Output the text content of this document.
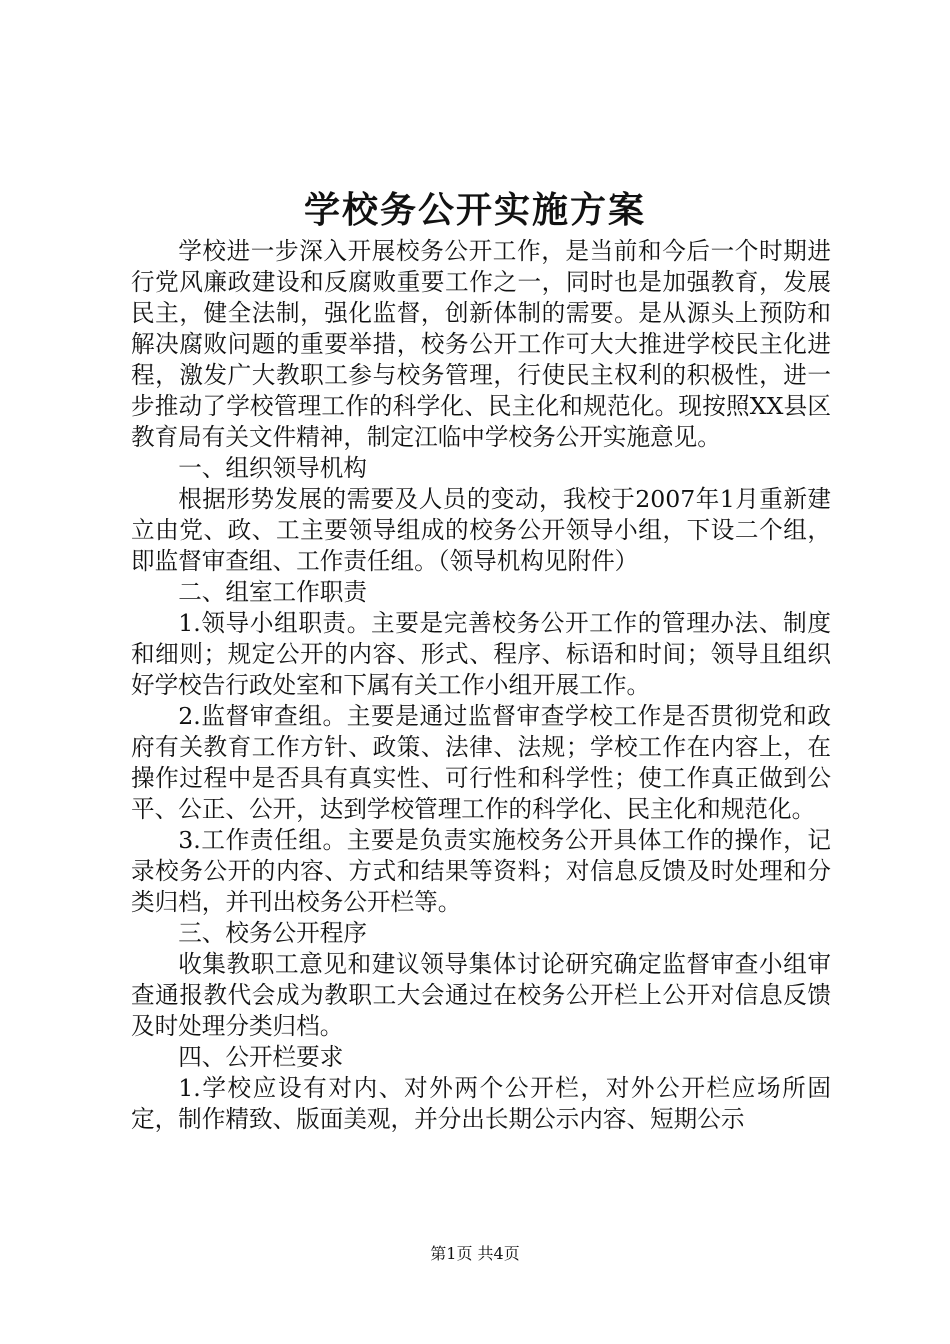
学校务公开实施方案

学校进一步深入开展校务公开工作，是当前和今后一个时期进行党风廉政建设和反腐败重要工作之一，同时也是加强教育，发展民主，健全法制，强化监督，创新体制的需要。是从源头上预防和解决腐败问题的重要举措，校务公开工作可大大推进学校民主化进程，激发广大教职工参与校务管理，行使民主权利的积极性，进一步推动了学校管理工作的科学化、民主化和规范化。现按照XX县区教育局有关文件精神，制定江临中学校务公开实施意见。

一、组织领导机构

根据形势发展的需要及人员的变动，我校于2007年1月重新建立由党、政、工主要领导组成的校务公开领导小组，下设二个组，即监督审查组、工作责任组。（领导机构见附件）

二、组室工作职责

1.领导小组职责。主要是完善校务公开工作的管理办法、制度和细则；规定公开的内容、形式、程序、标语和时间；领导且组织好学校告行政处室和下属有关工作小组开展工作。

2.监督审查组。主要是通过监督审查学校工作是否贯彻党和政府有关教育工作方针、政策、法律、法规；学校工作在内容上，在操作过程中是否具有真实性、可行性和科学性；使工作真正做到公平、公正、公开，达到学校管理工作的科学化、民主化和规范化。

3.工作责任组。主要是负责实施校务公开具体工作的操作，记录校务公开的内容、方式和结果等资料；对信息反馈及时处理和分类归档，并刊出校务公开栏等。

三、校务公开程序

收集教职工意见和建议领导集体讨论研究确定监督审查小组审查通报教代会成为教职工大会通过在校务公开栏上公开对信息反馈及时处理分类归档。

四、公开栏要求

1.学校应设有对内、对外两个公开栏，对外公开栏应场所固定，制作精致、版面美观，并分出长期公示内容、短期公示

第1页 共4页
